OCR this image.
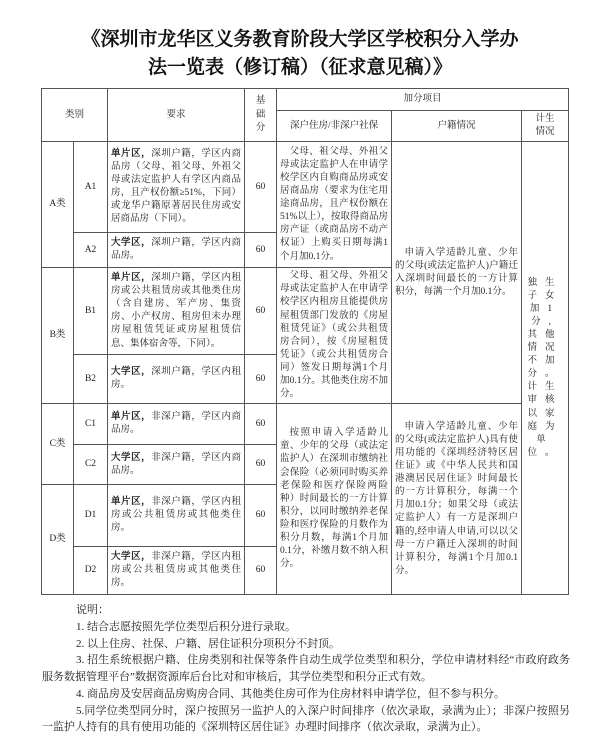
《深圳市龙华区义务教育阶段大学区学校积分入学办
法一览表（修订稿）（征求意见稿）》
类别		要求	基础分	加分项目		
				深户住房/非深户社保	户籍情况	计生情况
A类	A1	单片区，深圳户籍，学区内商品房（父母、祖父母、外祖父母或法定监护人有学区内商品房，且产权份额≥51%，下同）或龙华户籍原著居民住房或安居商品房（下同）。	60	父母、祖父母、外祖父母或法定监护人在申请学校学区内自购商品房或安居商品房（要求为住宅用途商品房，且产权份额在51%以上），按取得商品房房产证（或商品房不动产权证）上购买日期每满1个月加0.1分。	申请入学适龄儿童、少年的父母(或法定监护人)户籍迁入深圳时间最长的一方计算积分，每满一个月加0.1分。	独生子女加1分,其他情况不加分。计生审核以家庭为单位。
	A2	大学区，深圳户籍，学区内商品房。	60			
B类	B1	单片区，深圳户籍，学区内租房或公共租赁房或其他类住房（含自建房、军产房、集资房、小产权房、租房但未办理房屋租赁凭证或房屋租赁信息、集体宿舍等，下同）。	60	父母、祖父母、外祖父母或法定监护人在申请学校学区内租房且能提供房屋租赁部门发放的《房屋租赁凭证》（或公共租赁房合同），按《房屋租赁凭证》（或公共租赁房合同）签发日期每满1个月加0.1分。其他类住房不加分。		
	B2	大学区，深圳户籍，学区内租房。	60			
C类	C1	单片区，非深户籍，学区内商品房。	60	按照申请入学适龄儿童、少年的父母（或法定监护人）在深圳市缴纳社会保险（必须同时购买养老保险和医疗保险两险种）时间最长的一方计算积分，以同时缴纳养老保险和医疗保险的月数作为积分月数，每满1个月加0.1分，补缴月数不纳入积分。	申请入学适龄儿童、少年的父母(或法定监护人)具有使用功能的《深圳经济特区居住证》或《中华人民共和国港澳居民居住证》时间最长的一方计算积分，每满一个月加0.1分；如果父母（或法定监护人）有一方是深圳户籍的,经申请人申请,可以以父母一方户籍迁入深圳的时间计算积分，每满1个月加0.1分。	
	C2	大学区，非深户籍，学区内商品房。	60			
D类	D1	单片区，非深户籍，学区内租房或公共租赁房或其他类住房。	60			
	D2	大学区，非深户籍，学区内租房或公共租赁房或其他类住房。	60			

说明：

1. 结合志愿按照先学位类型后积分进行录取。

2. 以上住房、社保、户籍、居住证积分项积分不封顶。

3. 招生系统根据户籍、住房类别和社保等条件自动生成学位类型和积分，学位申请材料经“市政府政务服务数据管理平台”数据资源库后台比对和审核后，其学位类型和积分正式有效。

4. 商品房及安居商品房购房合同、其他类住房可作为住房材料申请学位，但不参与积分。

5.同学位类型同分时，深户按照另一监护人的入深户时间排序（依次录取，录满为止）；非深户按照另一监护人持有的具有使用功能的《深圳特区居住证》办理时间排序（依次录取，录满为止）。
